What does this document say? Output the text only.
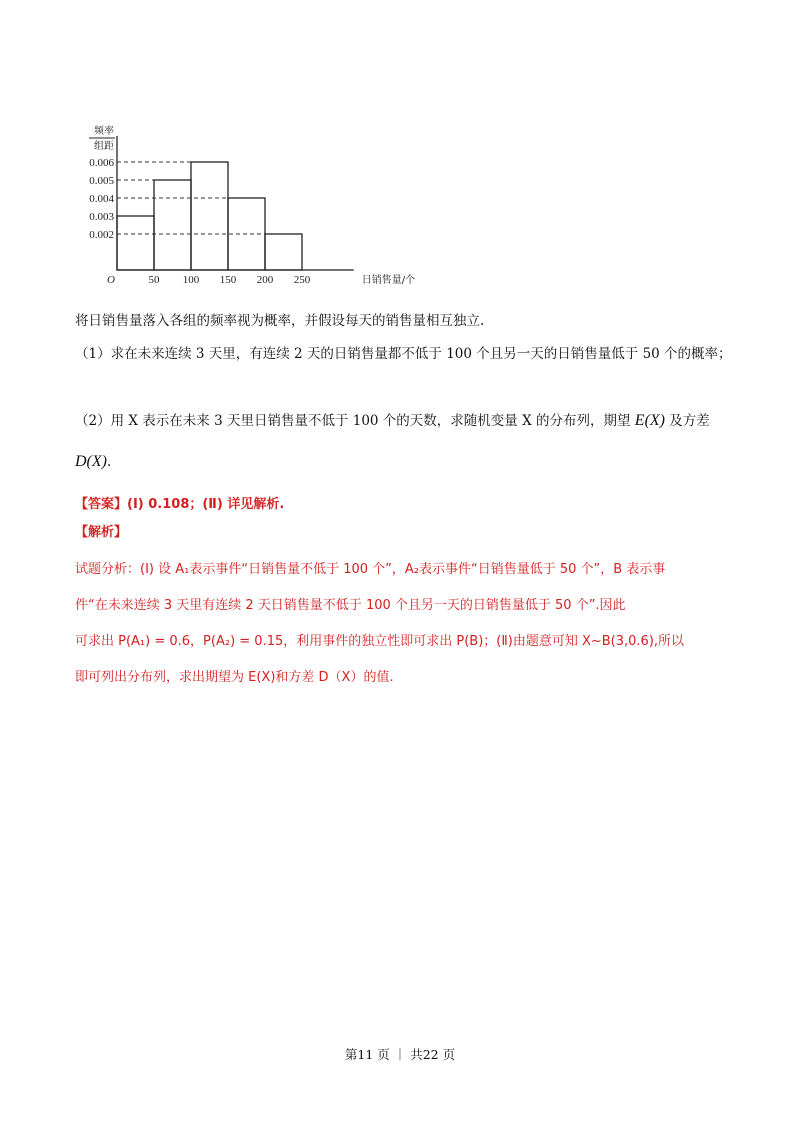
0.006
0.005
0.004
0.003
0.002
50 100 150 200 250
O	日销售量/个
频率
组距
将日销售量落入各组的频率视为概率，并假设每天的销售量相互独立.
（1）求在未来连续 3 天里，有连续 2 天的日销售量都不低于 100 个且另一天的日销售量低于 50 个的概率；
（2）用 X 表示在未来 3 天里日销售量不低于 100 个的天数，求随机变量 X 的分布列，期望 E(X) 及方差
D(X).
【答案】(Ⅰ) 0.108；(Ⅱ) 详见解析.
【解析】
试题分析：(Ⅰ) 设 A₁表示事件“日销售量不低于 100 个”，A₂表示事件“日销售量低于 50 个”，B 表示事
件“在未来连续 3 天里有连续 2 天日销售量不低于 100 个且另一天的日销售量低于 50 个”.因此
可求出 P(A₁) = 0.6，P(A₂) = 0.15，利用事件的独立性即可求出 P(B)；(Ⅱ)由题意可知 X~B(3,0.6),所以
即可列出分布列，求出期望为 E(X)和方差 D（X）的值.
第11 页 ｜ 共22 页
